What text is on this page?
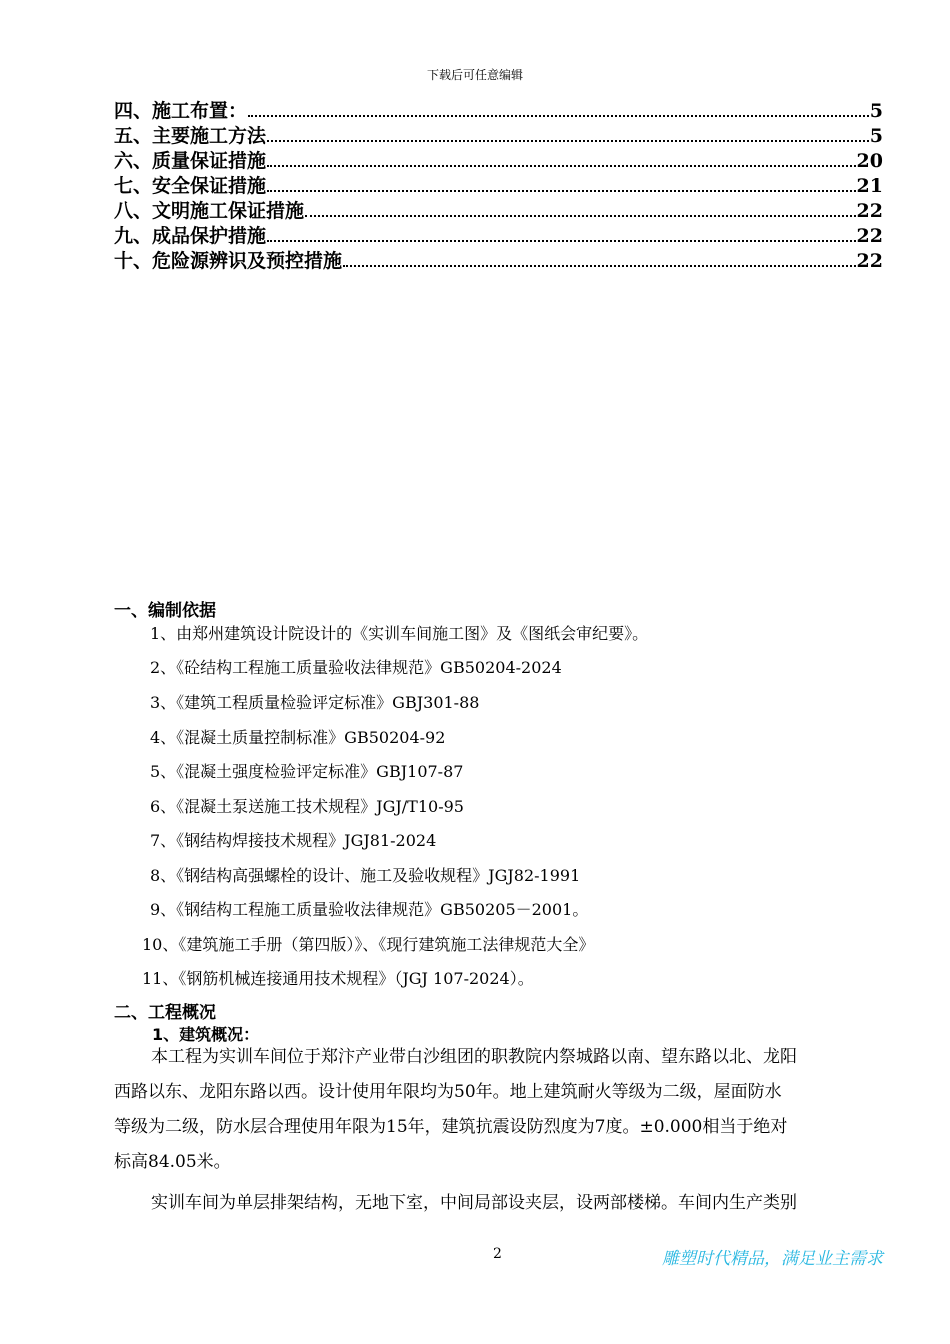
下载后可任意编辑
四、施工布置：	5
五、主要施工方法	5
六、质量保证措施	20
七、安全保证措施	21
八、文明施工保证措施	22
九、成品保护措施	22
十、危险源辨识及预控措施	22
一、编制依据
1、由郑州建筑设计院设计的《实训车间施工图》及《图纸会审纪要》。
2、《砼结构工程施工质量验收法律规范》GB50204-2024
3、《建筑工程质量检验评定标准》GBJ301-88
4、《混凝土质量控制标准》GB50204-92
5、《混凝土强度检验评定标准》GBJ107-87
6、《混凝土泵送施工技术规程》JGJ/T10-95
7、《钢结构焊接技术规程》JGJ81-2024
8、《钢结构高强螺栓的设计、施工及验收规程》JGJ82-1991
9、《钢结构工程施工质量验收法律规范》GB50205－2001。
10、《建筑施工手册（第四版）》、《现行建筑施工法律规范大全》
11、《钢筋机械连接通用技术规程》（JGJ 107-2024）。
二、工程概况
1、建筑概况：
本工程为实训车间位于郑汴产业带白沙组团的职教院内祭城路以南、望东路以北、龙阳
西路以东、龙阳东路以西。设计使用年限均为50年。地上建筑耐火等级为二级，屋面防水
等级为二级，防水层合理使用年限为15年，建筑抗震设防烈度为7度。±0.000相当于绝对
标高84.05米。
实训车间为单层排架结构，无地下室，中间局部设夹层，设两部楼梯。车间内生产类别
2	雕塑时代精品，满足业主需求
